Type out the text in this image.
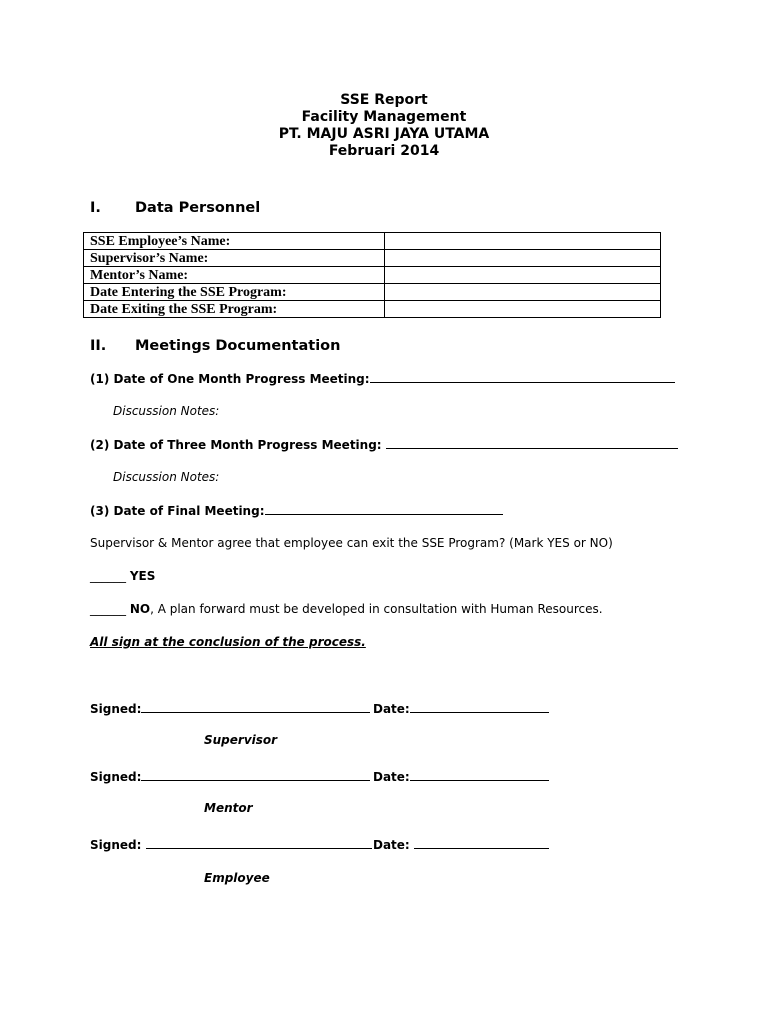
SSE Report
Facility Management
PT. MAJU ASRI JAYA UTAMA
Februari 2014
I. Data Personnel
SSE Employee’s Name:	
Supervisor’s Name:	
Mentor’s Name:	
Date Entering the SSE Program:	
Date Exiting the SSE Program:	
II. Meetings Documentation
(1) Date of One Month Progress Meeting:
Discussion Notes:
(2) Date of Three Month Progress Meeting:
Discussion Notes:
(3) Date of Final Meeting:
Supervisor & Mentor agree that employee can exit the SSE Program? (Mark YES or NO)
______ YES
______ NO, A plan forward must be developed in consultation with Human Resources.
All sign at the conclusion of the process.
Signed:	Date:
Supervisor
Signed:	Date:
Mentor
Signed:	Date:
Employee
